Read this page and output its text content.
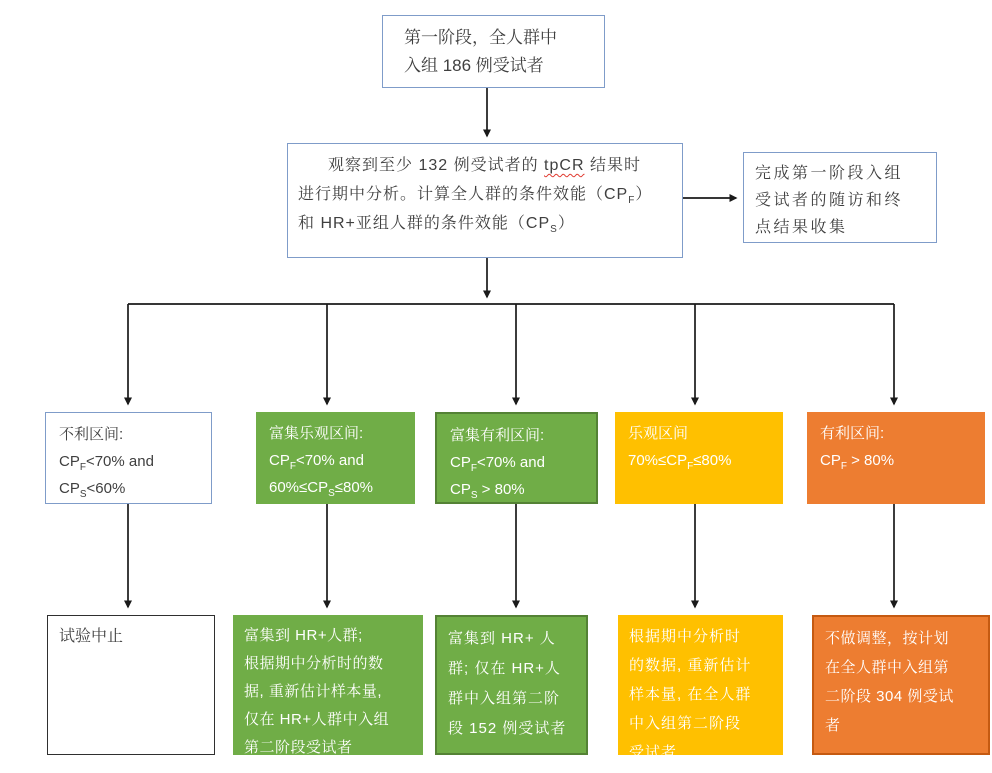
第一阶段，全人群中
入组 186 例受试者
观察到至少 132 例受试者的 tpCR 结果时
进行期中分析。计算全人群的条件效能$(CP_F)$
和 HR+亚组人群的条件效能$(CP_S)$
完成第一阶段入组
受试者的随访和终
点结果收集
不利区间:
$CP_F<70\%$ and
$CP_S<60\%$
富集乐观区间:
$CP_F<70\%$ and
$60\%\le CP_S\le 80\%$
富集有利区间:
$CP_F<70\%$ and
$CP_S > 80\%$
乐观区间
$70\%\le CP_F\le 80\%$
有利区间:
$CP_F > 80\%$
试验中止	富集到 HR+人群;
根据期中分析时的数
据, 重新估计样本量,
仅在 HR+人群中入组
第二阶段受试者
富集到 HR+ 人
群; 仅在 HR+人
群中入组第二阶
段 152 例受试者
根据期中分析时
的数据, 重新估计
样本量, 在全人群
中入组第二阶段
受试者
不做调整，按计划
在全人群中入组第
二阶段 304 例受试
者
